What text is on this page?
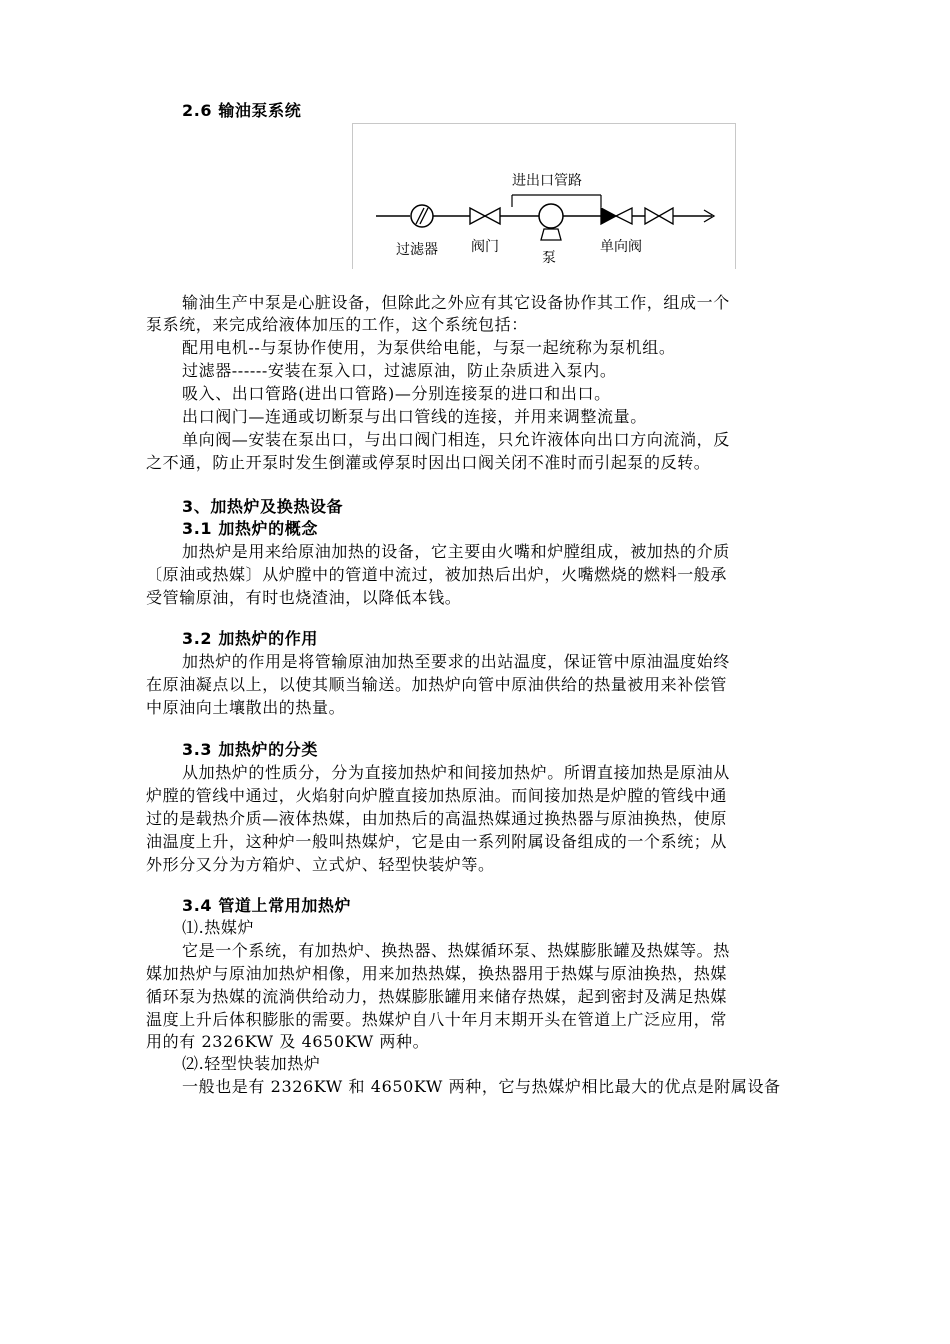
2.6 输油泵系统
进出口管路
过滤器 阀门
泵
单向阀
输油生产中泵是心脏设备，但除此之外应有其它设备协作其工作，组成一个
泵系统，来完成给液体加压的工作，这个系统包括：
配用电机--与泵协作使用，为泵供给电能，与泵一起统称为泵机组。
过滤器------安装在泵入口，过滤原油，防止杂质进入泵内。
吸入、出口管路(进出口管路)—分别连接泵的进口和出口。
出口阀门—连通或切断泵与出口管线的连接，并用来调整流量。
单向阀—安装在泵出口，与出口阀门相连，只允许液体向出口方向流淌，反
之不通，防止开泵时发生倒灌或停泵时因出口阀关闭不准时而引起泵的反转。
3、加热炉及换热设备
3.1 加热炉的概念
加热炉是用来给原油加热的设备，它主要由火嘴和炉膛组成，被加热的介质
〔原油或热媒〕从炉膛中的管道中流过，被加热后出炉，火嘴燃烧的燃料一般承
受管输原油，有时也烧渣油，以降低本钱。
3.2 加热炉的作用
加热炉的作用是将管输原油加热至要求的出站温度，保证管中原油温度始终
在原油凝点以上，以使其顺当输送。加热炉向管中原油供给的热量被用来补偿管
中原油向土壤散出的热量。
3.3 加热炉的分类
从加热炉的性质分，分为直接加热炉和间接加热炉。所谓直接加热是原油从
炉膛的管线中通过，火焰射向炉膛直接加热原油。而间接加热是炉膛的管线中通
过的是载热介质—液体热媒，由加热后的高温热媒通过换热器与原油换热，使原
油温度上升，这种炉一般叫热媒炉，它是由一系列附属设备组成的一个系统；从
外形分又分为方箱炉、立式炉、轻型快装炉等。
3.4 管道上常用加热炉
⑴.热媒炉
它是一个系统，有加热炉、换热器、热媒循环泵、热媒膨胀罐及热媒等。热
媒加热炉与原油加热炉相像，用来加热热媒，换热器用于热媒与原油换热，热媒
循环泵为热媒的流淌供给动力，热媒膨胀罐用来储存热媒，起到密封及满足热媒
温度上升后体积膨胀的需要。热媒炉自八十年月末期开头在管道上广泛应用，常
用的有 2326KW 及 4650KW 两种。
⑵.轻型快装加热炉
一般也是有 2326KW 和 4650KW 两种，它与热媒炉相比最大的优点是附属设备
